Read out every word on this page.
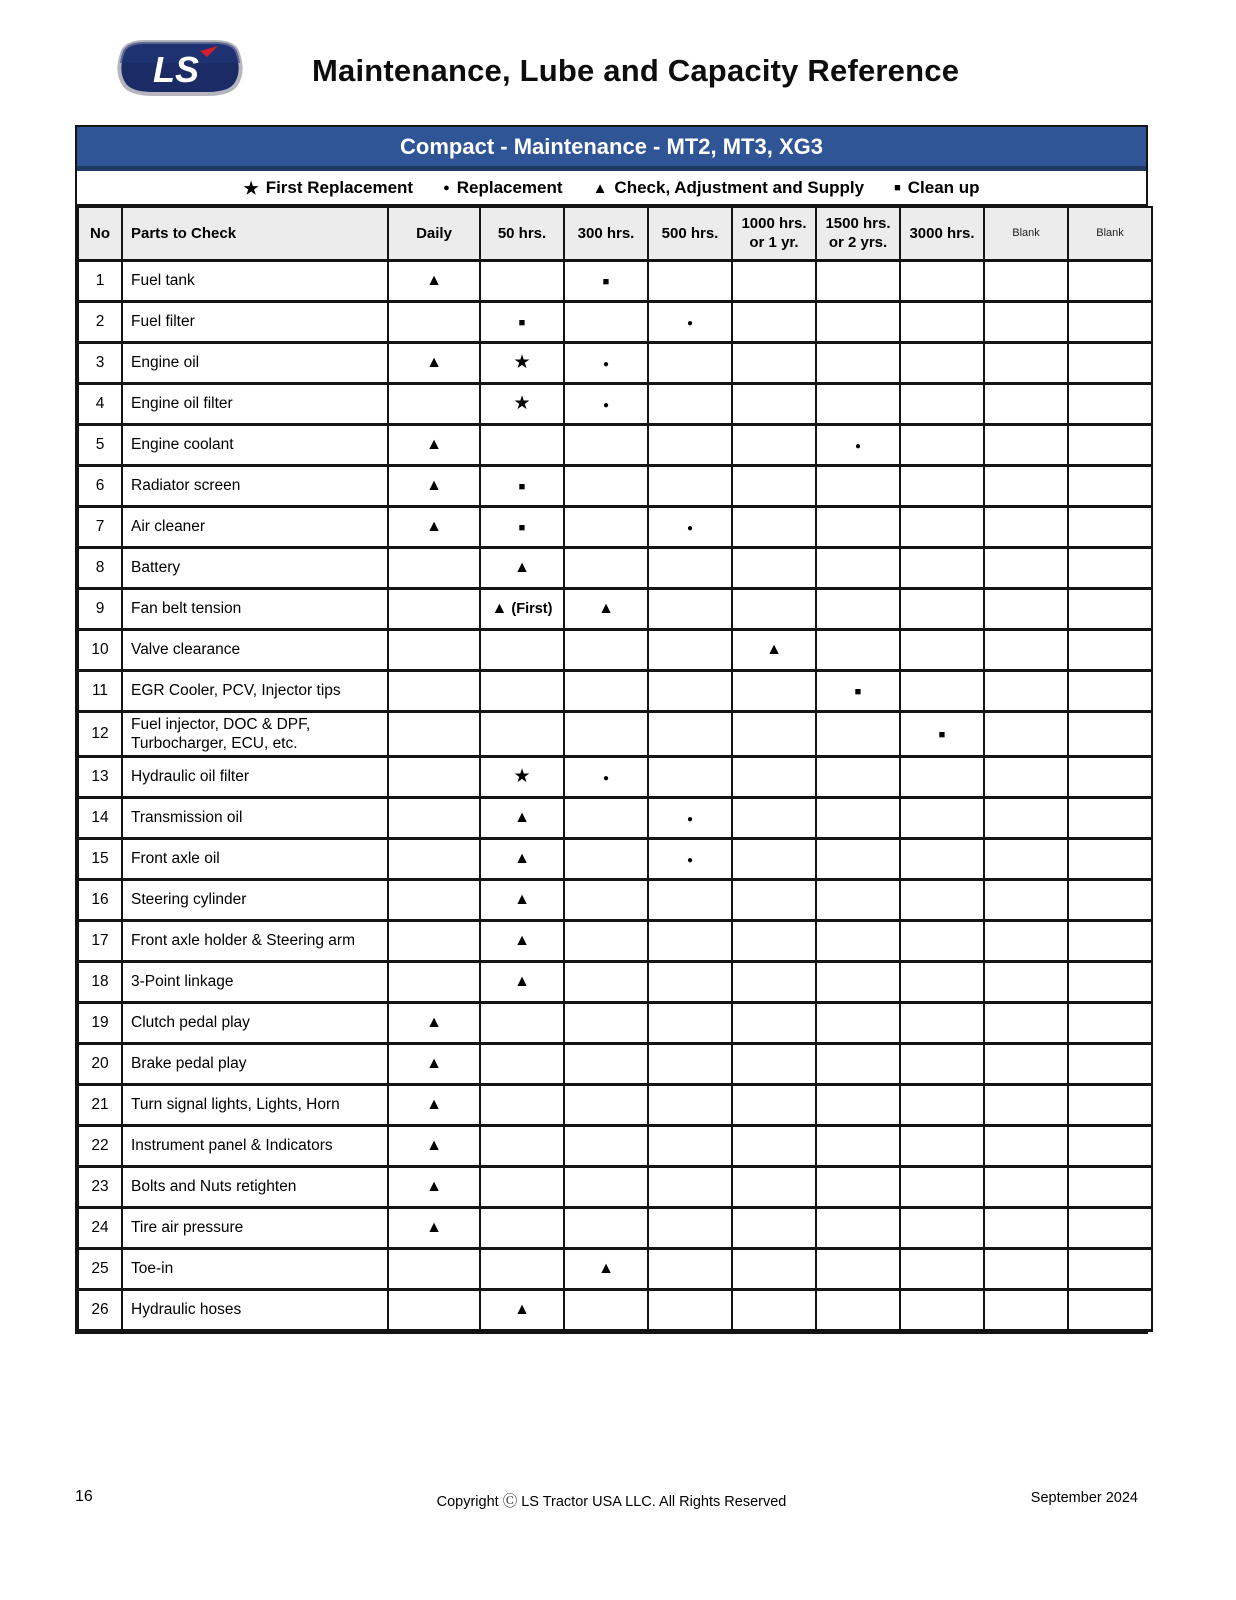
LS	Maintenance, Lube and Capacity Reference
Compact - Maintenance - MT2, MT3, XG3
★ First Replacement	● Replacement ▲ Check, Adjustment and Supply	■ Clean up
No	Parts to Check	Daily	50 hrs.	300 hrs.	500 hrs.	1000 hrs. or 1 yr.	1500 hrs. or 2 yrs.	3000 hrs.	Blank	Blank
1	Fuel tank	▲		■						
2	Fuel filter		■		●					
3	Engine oil	▲	★	●						
4	Engine oil filter		★	●						
5	Engine coolant	▲					●			
6	Radiator screen	▲	■							
7	Air cleaner	▲	■		●					
8	Battery		▲							
9	Fan belt tension		▲ (First)	▲						
10	Valve clearance					▲				
11	EGR Cooler, PCV, Injector tips						■			
12	Fuel injector, DOC & DPF, Turbocharger, ECU, etc.							■		
13	Hydraulic oil filter		★	●						
14	Transmission oil		▲		●					
15	Front axle oil		▲		●					
16	Steering cylinder		▲							
17	Front axle holder & Steering arm		▲							
18	3-Point linkage		▲							
19	Clutch pedal play	▲								
20	Brake pedal play	▲								
21	Turn signal lights, Lights, Horn	▲								
22	Instrument panel & Indicators	▲								
23	Bolts and Nuts retighten	▲								
24	Tire air pressure	▲								
25	Toe-in			▲						
26	Hydraulic hoses		▲							
16	Copyright Ⓒ LS Tractor USA LLC. All Rights Reserved	September 2024
